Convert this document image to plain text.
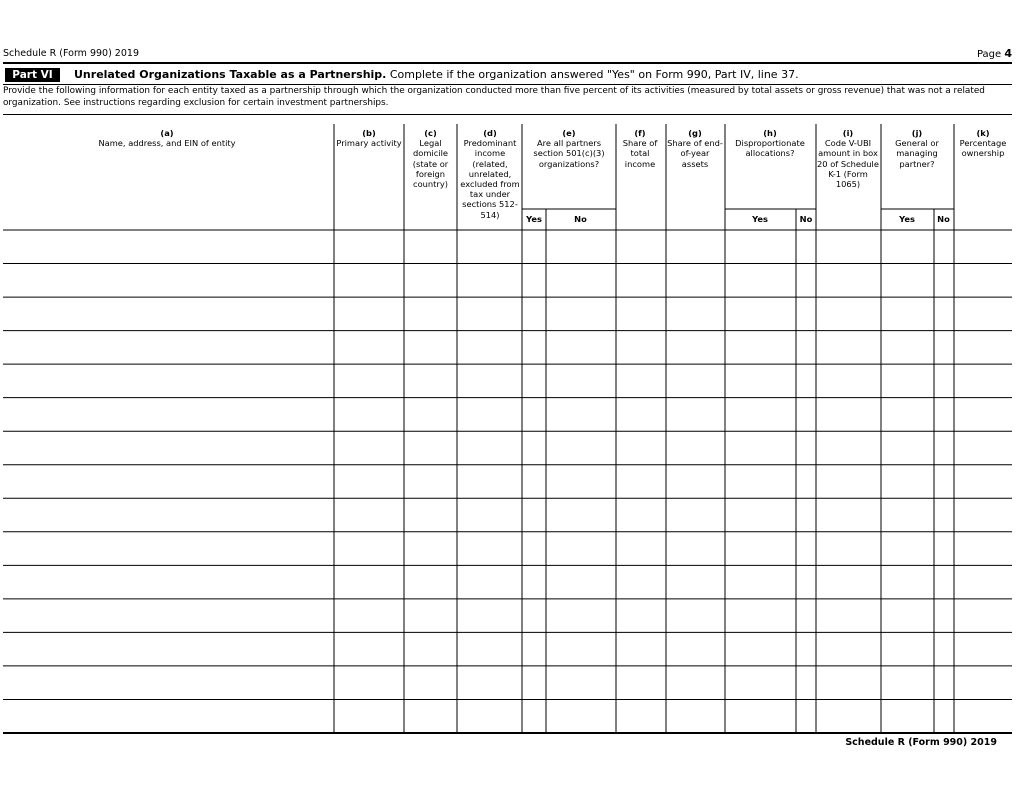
Schedule R (Form 990) 2019	Page 4
Part VI	Unrelated Organizations Taxable as a Partnership. Complete if the organization answered "Yes" on Form 990, Part IV, line 37.
Provide the following information for each entity taxed as a partnership through which the organization conducted more than five percent of its activities (measured by total assets or gross revenue) that was not a related organization. See instructions regarding exclusion for certain investment partnerships.
(a)
Name, address, and EIN of entity
(b)
Primary activity
(c)
Legal domicile (state or foreign country)
(d)
Predominant income (related, unrelated, excluded from tax under sections 512-514)
(e)
Are all partners section 501(c)(3) organizations?
(f)
Share of total income
(g)
Share of end-of-year assets
(h)
Disproportionate allocations?
(i)
Code V-UBI amount in box 20 of Schedule K-1 (Form 1065)
(j)
General or managing partner?
(k)
Percentage ownership
Yes	No	Yes	No	Yes	No
Schedule R (Form 990) 2019
